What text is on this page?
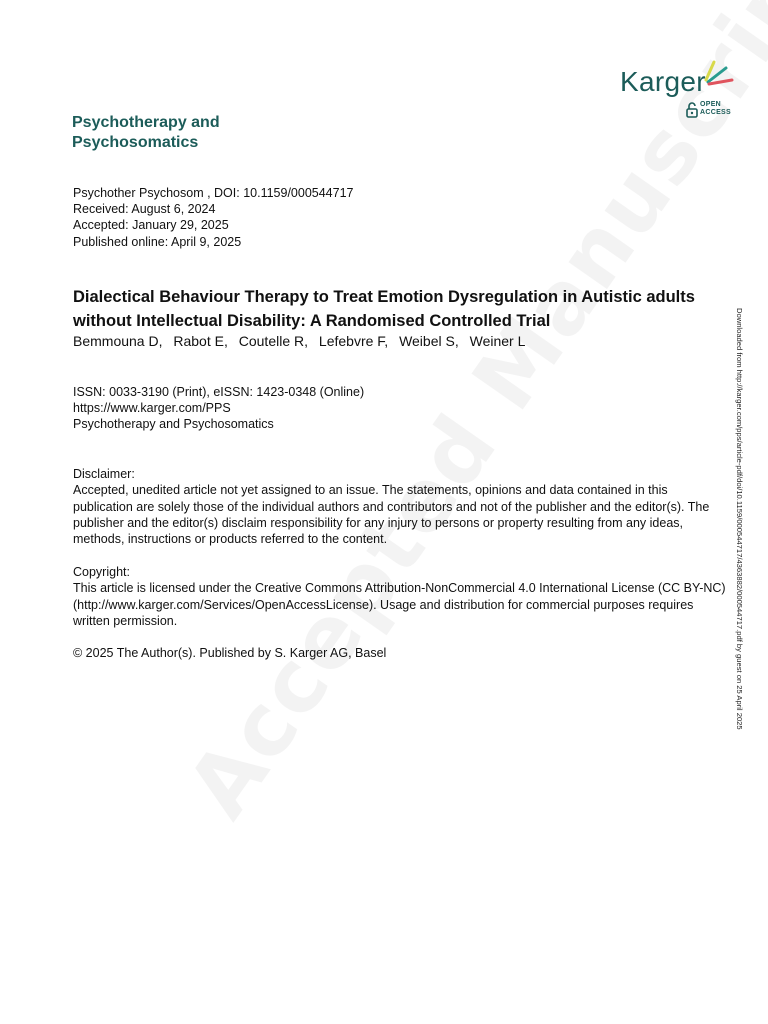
Karger
OPEN
ACCESS
Psychotherapy and
Psychosomatics
Psychother Psychosom , DOI: 10.1159/000544717
Received: August 6, 2024
Accepted: January 29, 2025
Published online: April 9, 2025
Dialectical Behaviour Therapy to Treat Emotion Dysregulation in Autistic adults without Intellectual Disability: A Randomised Controlled Trial
Bemmouna D, Rabot E, Coutelle R, Lefebvre F, Weibel S, Weiner L
ISSN: 0033-3190 (Print), eISSN: 1423-0348 (Online)
https://www.karger.com/PPS
Psychotherapy and Psychosomatics
Disclaimer:
Accepted, unedited article not yet assigned to an issue. The statements, opinions and data contained in this publication are solely those of the individual authors and contributors and not of the publisher and the editor(s). The publisher and the editor(s) disclaim responsibility for any injury to persons or property resulting from any ideas, methods, instructions or products referred to the content.
Copyright:
This article is licensed under the Creative Commons Attribution-NonCommercial 4.0 International License (CC BY-NC) (http://www.karger.com/Services/OpenAccessLicense). Usage and distribution for commercial purposes requires written permission.
© 2025 The Author(s). Published by S. Karger AG, Basel	Downloaded from http://karger.com/pps/article-pdf/doi/10.1159/000544717/4363882/000544717.pdf by guest on 25 April 2025
